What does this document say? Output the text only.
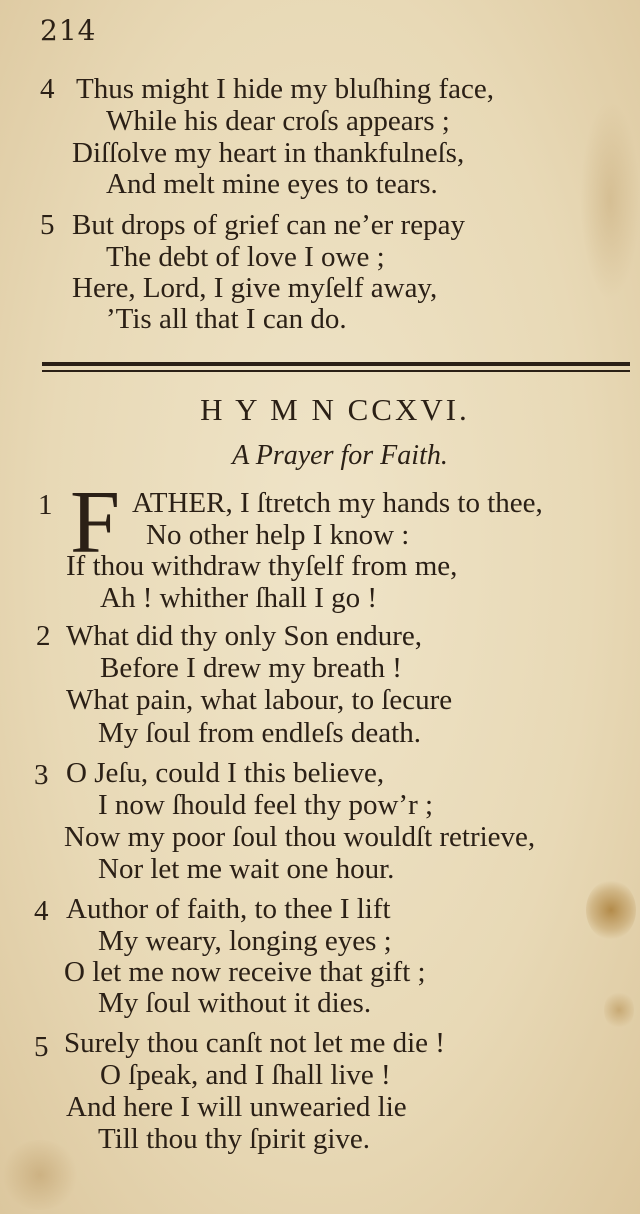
214
4 Thus might I hide my bluſhing face,
While his dear croſs appears ;
Diſſolve my heart in thankfulneſs,
And melt mine eyes to tears.
5 But drops of grief can ne’er repay
The debt of love I owe ;
Here, Lord, I give myſelf away,
’Tis all that I can do.
H Y M N CCXVI.
A Prayer for Faith.
1 F ATHER, I ſtretch my hands to thee,
No other help I know :
If thou withdraw thyſelf from me,
Ah ! whither ſhall I go !
2 What did thy only Son endure,
Before I drew my breath !
What pain, what labour, to ſecure
My ſoul from endleſs death.
3 O Jeſu, could I this believe,
I now ſhould feel thy pow’r ;
Now my poor ſoul thou wouldſt retrieve,
Nor let me wait one hour.
4 Author of faith, to thee I lift
My weary, longing eyes ;
O let me now receive that gift ;
My ſoul without it dies.
5 Surely thou canſt not let me die !
O ſpeak, and I ſhall live !
And here I will unwearied lie
Till thou thy ſpirit give.
